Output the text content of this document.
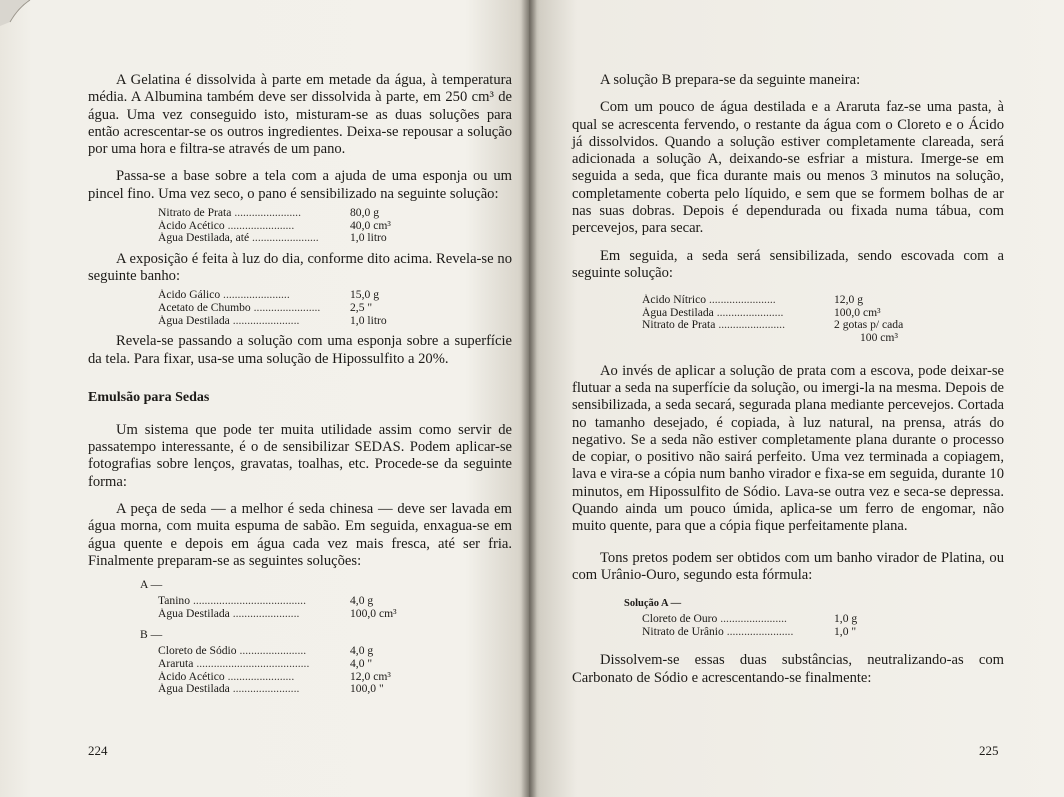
A Gelatina é dissolvida à parte em metade da água, à temperatura média. A Albumina também deve ser dissolvida à parte, em 250 cm³ de água. Uma vez conseguido isto, misturam-se as duas soluções para então acrescentar-se os outros ingredientes. Deixa-se repousar a solução por uma hora e filtra-se através de um pano.

Passa-se a base sobre a tela com a ajuda de uma esponja ou um pincel fino. Uma vez seco, o pano é sensibilizado na seguinte solução:

Nitrato de Prata .......................	80,0 g
Ácido Acético .......................	40,0 cm³
Água Destilada, até .......................	1,0 litro

A exposição é feita à luz do dia, conforme dito acima. Revela-se no seguinte banho:

Ácido Gálico .......................	15,0 g
Acetato de Chumbo .......................	2,5 "
Água Destilada .......................	1,0 litro

Revela-se passando a solução com uma esponja sobre a superfície da tela. Para fixar, usa-se uma solução de Hipossulfito a 20%.

Emulsão para Sedas

Um sistema que pode ter muita utilidade assim como servir de passatempo interessante, é o de sensibilizar SEDAS. Podem aplicar-se fotografias sobre lenços, gravatas, toalhas, etc. Procede-se da seguinte forma:

A peça de seda — a melhor é seda chinesa — deve ser lavada em água morna, com muita espuma de sabão. Em seguida, enxagua-se em água quente e depois em água cada vez mais fresca, até ser fria. Finalmente preparam-se as seguintes soluções:

A —
Tanino .......................................	4,0 g
Água Destilada .......................	100,0 cm³
B —
Cloreto de Sódio .......................	4,0 g
Araruta .......................................	4,0 "
Ácido Acético .......................	12,0 cm³
Água Destilada .......................	100,0 "
224

A solução B prepara-se da seguinte maneira:

Com um pouco de água destilada e a Araruta faz-se uma pasta, à qual se acrescenta fervendo, o restante da água com o Cloreto e o Ácido já dissolvidos. Quando a solução estiver completamente clareada, será adicionada a solução A, deixando-se esfriar a mistura. Imerge-se em seguida a seda, que fica durante mais ou menos 3 minutos na solução, completamente coberta pelo líquido, e sem que se formem bolhas de ar nas suas dobras. Depois é dependurada ou fixada numa tábua, com percevejos, para secar.

Em seguida, a seda será sensibilizada, sendo escovada com a seguinte solução:

Ácido Nítrico .......................	12,0 g
Água Destilada .......................	100,0 cm³
Nitrato de Prata .......................	2 gotas p/ cada
	100 cm³

Ao invés de aplicar a solução de prata com a escova, pode deixar-se flutuar a seda na superfície da solução, ou imergi-la na mesma. Depois de sensibilizada, a seda secará, segurada plana mediante percevejos. Cortada no tamanho desejado, é copiada, à luz natural, na prensa, atrás do negativo. Se a seda não estiver completamente plana durante o processo de copiar, o positivo não sairá perfeito. Uma vez terminada a copiagem, lava e vira-se a cópia num banho virador e fixa-se em seguida, durante 10 minutos, em Hipossulfito de Sódio. Lava-se outra vez e seca-se depressa. Quando ainda um pouco úmida, aplica-se um ferro de engomar, não muito quente, para que a cópia fique perfeitamente plana.

Tons pretos podem ser obtidos com um banho virador de Platina, ou com Urânio-Ouro, segundo esta fórmula:

Solução A —
Cloreto de Ouro .......................	1,0 g
Nitrato de Urânio .......................	1,0 "

Dissolvem-se essas duas substâncias, neutralizando-as com Carbonato de Sódio e acrescentando-se finalmente:

225
